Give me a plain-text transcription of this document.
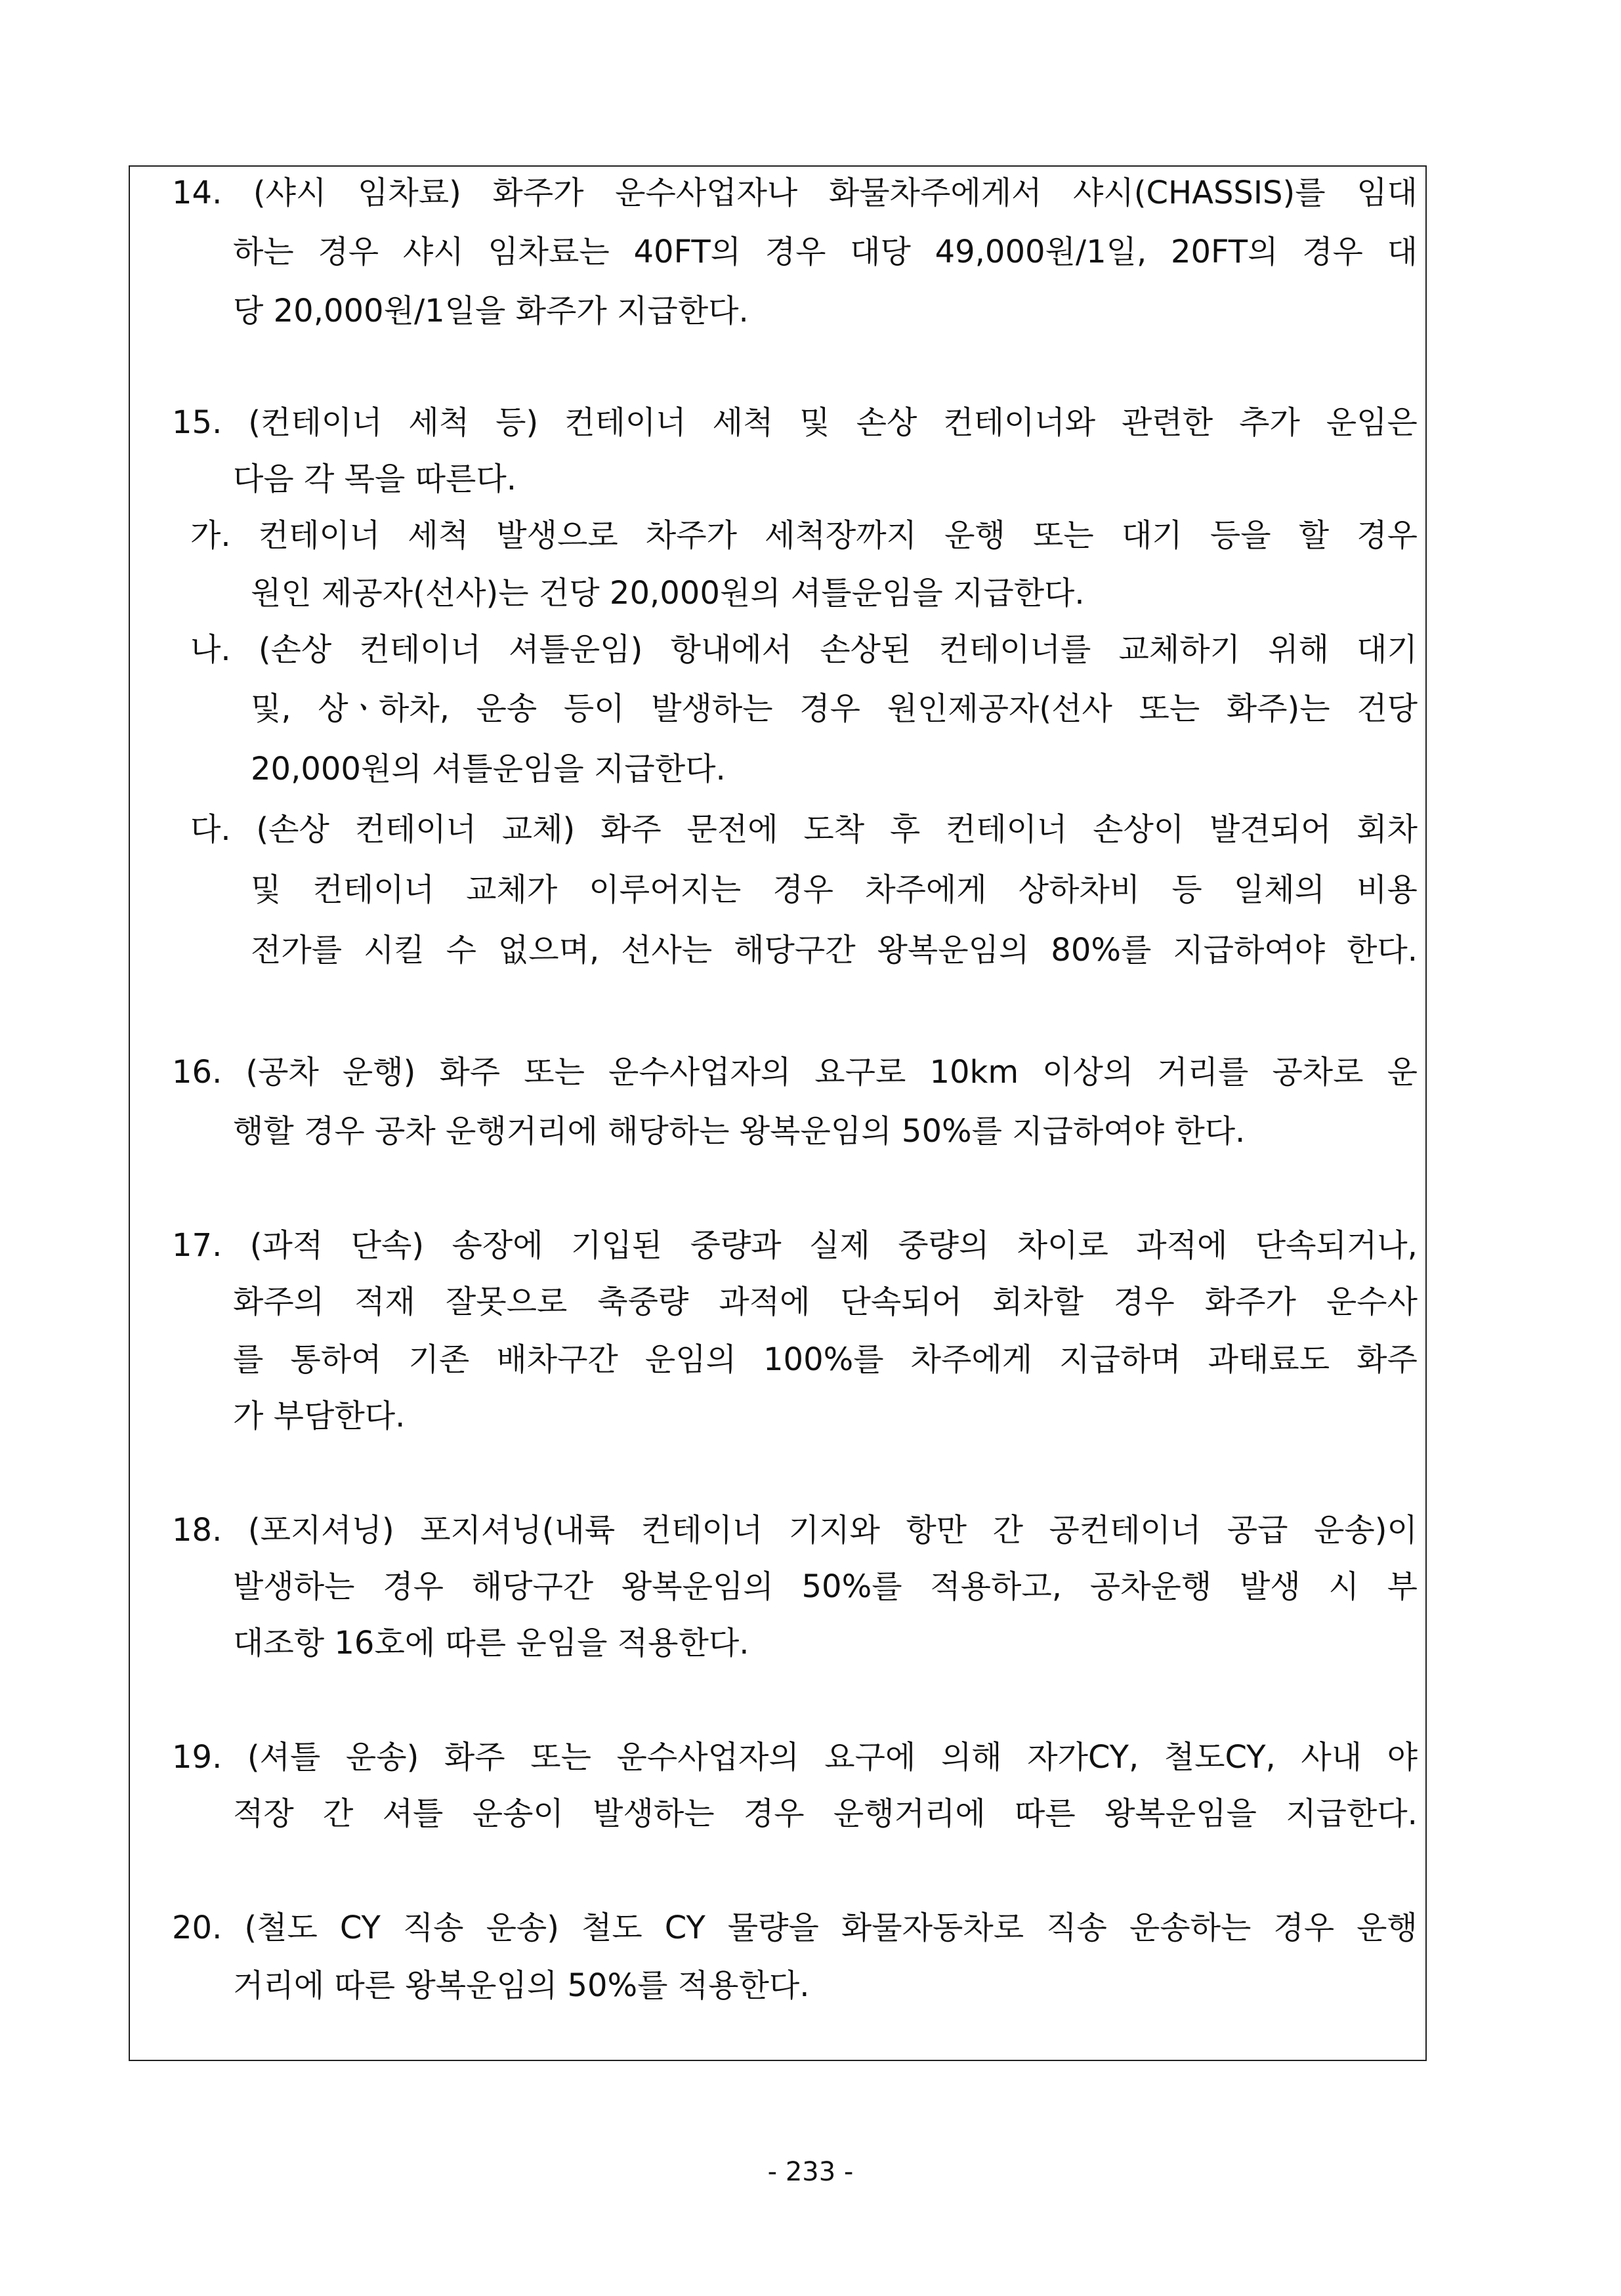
14. (샤시 임차료) 화주가 운수사업자나 화물차주에게서 샤시(CHASSIS)를 임대
하는 경우 샤시 임차료는 40FT의 경우 대당 49,000원/1일, 20FT의 경우 대
당 20,000원/1일을 화주가 지급한다.
15. (컨테이너 세척 등) 컨테이너 세척 및 손상 컨테이너와 관련한 추가 운임은
다음 각 목을 따른다.
가. 컨테이너 세척 발생으로 차주가 세척장까지 운행 또는 대기 등을 할 경우
원인 제공자(선사)는 건당 20,000원의 셔틀운임을 지급한다.
나. (손상 컨테이너 셔틀운임) 항내에서 손상된 컨테이너를 교체하기 위해 대기
및, 상ㆍ하차, 운송 등이 발생하는 경우 원인제공자(선사 또는 화주)는 건당
20,000원의 셔틀운임을 지급한다.
다. (손상 컨테이너 교체) 화주 문전에 도착 후 컨테이너 손상이 발견되어 회차
및 컨테이너 교체가 이루어지는 경우 차주에게 상하차비 등 일체의 비용
전가를 시킬 수 없으며, 선사는 해당구간 왕복운임의 80%를 지급하여야 한다.
16. (공차 운행) 화주 또는 운수사업자의 요구로 10km 이상의 거리를 공차로 운
행할 경우 공차 운행거리에 해당하는 왕복운임의 50%를 지급하여야 한다.
17. (과적 단속) 송장에 기입된 중량과 실제 중량의 차이로 과적에 단속되거나,
화주의 적재 잘못으로 축중량 과적에 단속되어 회차할 경우 화주가 운수사
를 통하여 기존 배차구간 운임의 100%를 차주에게 지급하며 과태료도 화주
가 부담한다.
18. (포지셔닝) 포지셔닝(내륙 컨테이너 기지와 항만 간 공컨테이너 공급 운송)이
발생하는 경우 해당구간 왕복운임의 50%를 적용하고, 공차운행 발생 시 부
대조항 16호에 따른 운임을 적용한다.
19. (셔틀 운송) 화주 또는 운수사업자의 요구에 의해 자가CY, 철도CY, 사내 야
적장 간 셔틀 운송이 발생하는 경우 운행거리에 따른 왕복운임을 지급한다.
20. (철도 CY 직송 운송) 철도 CY 물량을 화물자동차로 직송 운송하는 경우 운행
거리에 따른 왕복운임의 50%를 적용한다.
- 233 -
